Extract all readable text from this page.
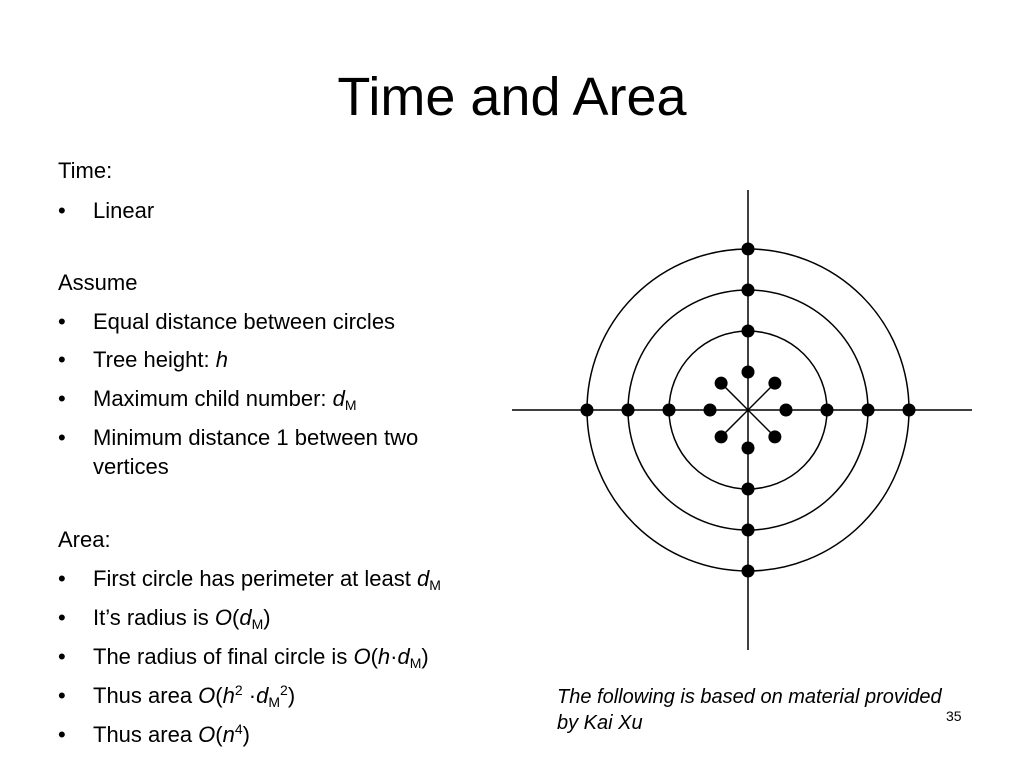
Time and Area
Time:
• Linear
Assume
• Equal distance between circles
• Tree height: h
• Maximum child number: $d_M$
• Minimum distance 1 between two vertices
Area:
• First circle has perimeter at least $d_M$
• It’s radius is $O(d_M)$
• The radius of final circle is $O(h\cdot d_M)$
• Thus area $O(h^2 \cdot d_M^2)$
• Thus area $O(n^4)$
The following is based on material provided
by Kai Xu	35
